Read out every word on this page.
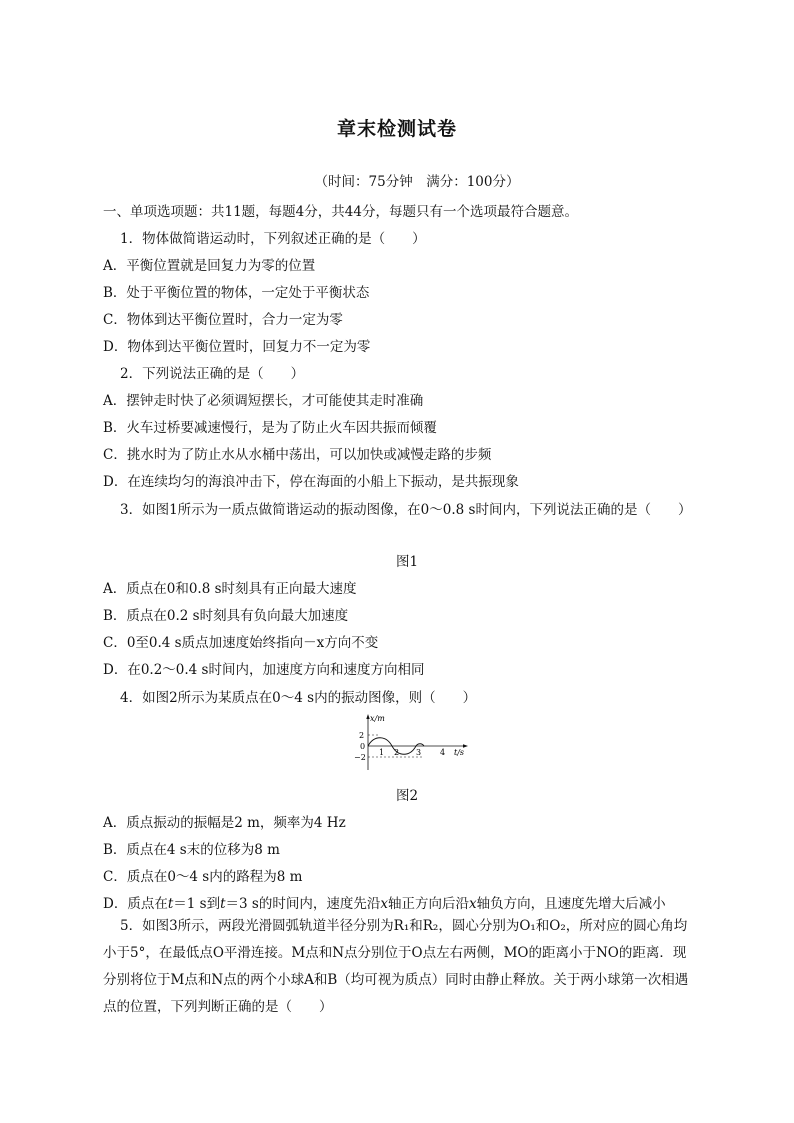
章末检测试卷
（时间：75分钟　满分：100分）
一、单项选项题：共11题，每题4分，共44分，每题只有一个选项最符合题意。
1．物体做简谐运动时，下列叙述正确的是（　　）
A．平衡位置就是回复力为零的位置
B．处于平衡位置的物体，一定处于平衡状态
C．物体到达平衡位置时，合力一定为零
D．物体到达平衡位置时，回复力不一定为零
2．下列说法正确的是（　　）
A．摆钟走时快了必须调短摆长，才可能使其走时准确
B．火车过桥要减速慢行，是为了防止火车因共振而倾覆
C．挑水时为了防止水从水桶中荡出，可以加快或减慢走路的步频
D．在连续均匀的海浪冲击下，停在海面的小船上下振动，是共振现象
3．如图1所示为一质点做简谐运动的振动图像，在0～0.8 s时间内，下列说法正确的是（　　）
图1
A．质点在0和0.8 s时刻具有正向最大速度
B．质点在0.2 s时刻具有负向最大加速度
C．0至0.4 s质点加速度始终指向－x方向不变
D．在0.2～0.4 s时间内，加速度方向和速度方向相同
4．如图2所示为某质点在0～4 s内的振动图像，则（　　）
x/m
2
0
−2
1 2 3 4 t/s
图2
A．质点振动的振幅是2 m，频率为4 Hz
B．质点在4 s末的位移为8 m
C．质点在0～4 s内的路程为8 m
D．质点在t＝1 s到t＝3 s的时间内，速度先沿x轴正方向后沿x轴负方向，且速度先增大后减小
5．如图3所示，两段光滑圆弧轨道半径分别为R₁和R₂，圆心分别为O₁和O₂，所对应的圆心角均小于5°，在最低点O平滑连接。M点和N点分别位于O点左右两侧，MO的距离小于NO的距离．现分别将位于M点和N点的两个小球A和B（均可视为质点）同时由静止释放。关于两小球第一次相遇点的位置，下列判断正确的是（　　）
